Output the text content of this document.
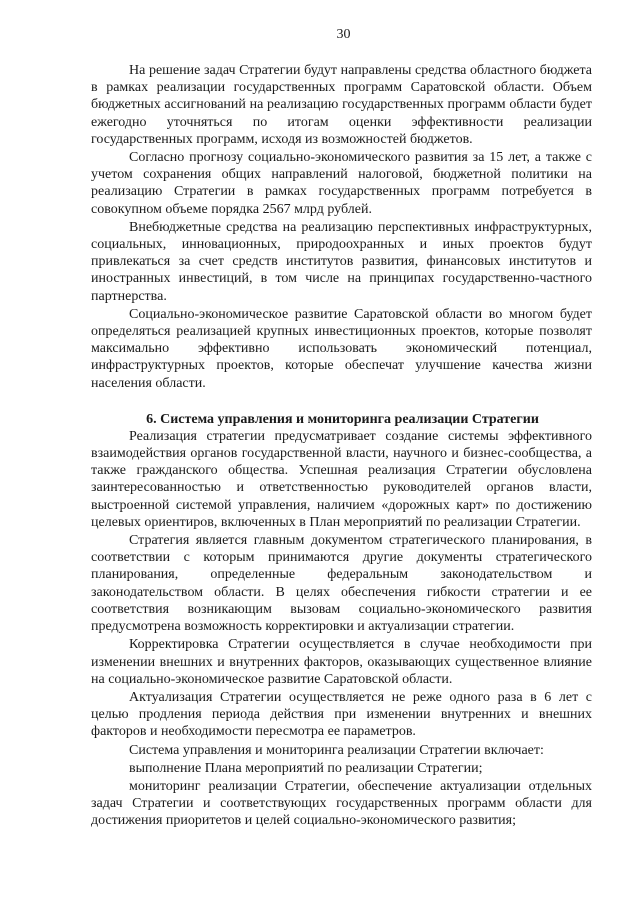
30

На решение задач Стратегии будут направлены средства областного бюджета в рамках реализации государственных программ Саратовской области. Объем бюджетных ассигнований на реализацию государственных программ области будет ежегодно уточняться по итогам оценки эффективности реализации государственных программ, исходя из возможностей бюджетов.

Согласно прогнозу социально-экономического развития за 15 лет, а также с учетом сохранения общих направлений налоговой, бюджетной политики на реализацию Стратегии в рамках государственных программ потребуется в совокупном объеме порядка 2567 млрд рублей.

Внебюджетные средства на реализацию перспективных инфраструктурных, социальных, инновационных, природоохранных и иных проектов будут привлекаться за счет средств институтов развития, финансовых институтов и иностранных инвестиций, в том числе на принципах государственно-частного партнерства.

Социально-экономическое развитие Саратовской области во многом будет определяться реализацией крупных инвестиционных проектов, которые позволят максимально эффективно использовать экономический потенциал, инфраструктурных проектов, которые обеспечат улучшение качества жизни населения области.

6. Система управления и мониторинга реализации Стратегии

Реализация стратегии предусматривает создание системы эффективного взаимодействия органов государственной власти, научного и бизнес-сообщества, а также гражданского общества. Успешная реализация Стратегии обусловлена заинтересованностью и ответственностью руководителей органов власти, выстроенной системой управления, наличием «дорожных карт» по достижению целевых ориентиров, включенных в План мероприятий по реализации Стратегии.

Стратегия является главным документом стратегического планирования, в соответствии с которым принимаются другие документы стратегического планирования, определенные федеральным законодательством и законодательством области. В целях обеспечения гибкости стратегии и ее соответствия возникающим вызовам социально-экономического развития предусмотрена возможность корректировки и актуализации стратегии.

Корректировка Стратегии осуществляется в случае необходимости при изменении внешних и внутренних факторов, оказывающих существенное влияние на социально-экономическое развитие Саратовской области.

Актуализация Стратегии осуществляется не реже одного раза в 6 лет с целью продления периода действия при изменении внутренних и внешних факторов и необходимости пересмотра ее параметров.

Система управления и мониторинга реализации Стратегии включает:

выполнение Плана мероприятий по реализации Стратегии;

мониторинг реализации Стратегии, обеспечение актуализации отдельных задач Стратегии и соответствующих государственных программ области для достижения приоритетов и целей социально-экономического развития;
